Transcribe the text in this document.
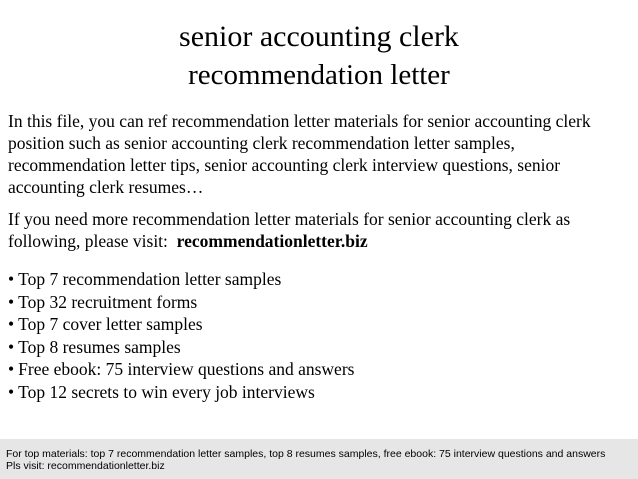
senior accounting clerk
recommendation letter
In this file, you can ref recommendation letter materials for senior accounting clerk position such as senior accounting clerk recommendation letter samples, recommendation letter tips, senior accounting clerk interview questions, senior accounting clerk resumes…
If you need more recommendation letter materials for senior accounting clerk as following, please visit: recommendationletter.biz
• Top 7 recommendation letter samples
• Top 32 recruitment forms
• Top 7 cover letter samples
• Top 8 resumes samples
• Free ebook: 75 interview questions and answers
• Top 12 secrets to win every job interviews
For top materials: top 7 recommendation letter samples, top 8 resumes samples, free ebook: 75 interview questions and answers
Pls visit: recommendationletter.biz
